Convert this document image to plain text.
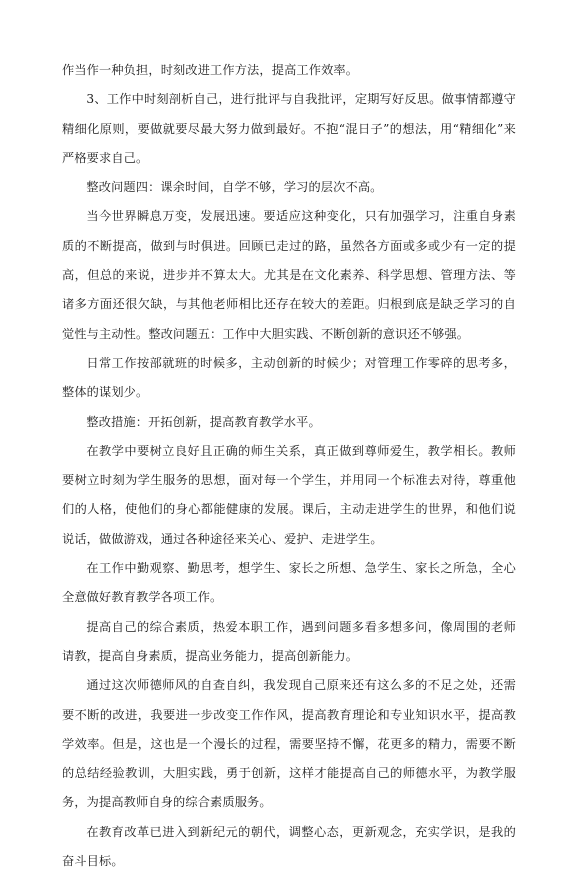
作当作一种负担，时刻改进工作方法，提高工作效率。

3、工作中时刻剖析自己，进行批评与自我批评，定期写好反思。做事情都遵守精细化原则，要做就要尽最大努力做到最好。不抱“混日子”的想法，用“精细化”来严格要求自己。

整改问题四：课余时间，自学不够，学习的层次不高。

当今世界瞬息万变，发展迅速。要适应这种变化，只有加强学习，注重自身素质的不断提高，做到与时俱进。回顾已走过的路，虽然各方面或多或少有一定的提高，但总的来说，进步并不算太大。尤其是在文化素养、科学思想、管理方法、等诸多方面还很欠缺，与其他老师相比还存在较大的差距。归根到底是缺乏学习的自觉性与主动性。整改问题五：工作中大胆实践、不断创新的意识还不够强。

日常工作按部就班的时候多，主动创新的时候少；对管理工作零碎的思考多，整体的谋划少。

整改措施：开拓创新，提高教育教学水平。

在教学中要树立良好且正确的师生关系，真正做到尊师爱生，教学相长。教师要树立时刻为学生服务的思想，面对每一个学生，并用同一个标准去对待，尊重他们的人格，使他们的身心都能健康的发展。课后，主动走进学生的世界，和他们说说话，做做游戏，通过各种途径来关心、爱护、走进学生。

在工作中勤观察、勤思考，想学生、家长之所想、急学生、家长之所急，全心全意做好教育教学各项工作。

提高自己的综合素质，热爱本职工作，遇到问题多看多想多问，像周围的老师请教，提高自身素质，提高业务能力，提高创新能力。

通过这次师德师风的自查自纠，我发现自己原来还有这么多的不足之处，还需要不断的改进，我要进一步改变工作作风，提高教育理论和专业知识水平，提高教学效率。但是，这也是一个漫长的过程，需要坚持不懈，花更多的精力，需要不断的总结经验教训，大胆实践，勇于创新，这样才能提高自己的师德水平，为教学服务，为提高教师自身的综合素质服务。

在教育改革已进入到新纪元的朝代，调整心态，更新观念，充实学识，是我的奋斗目标。
